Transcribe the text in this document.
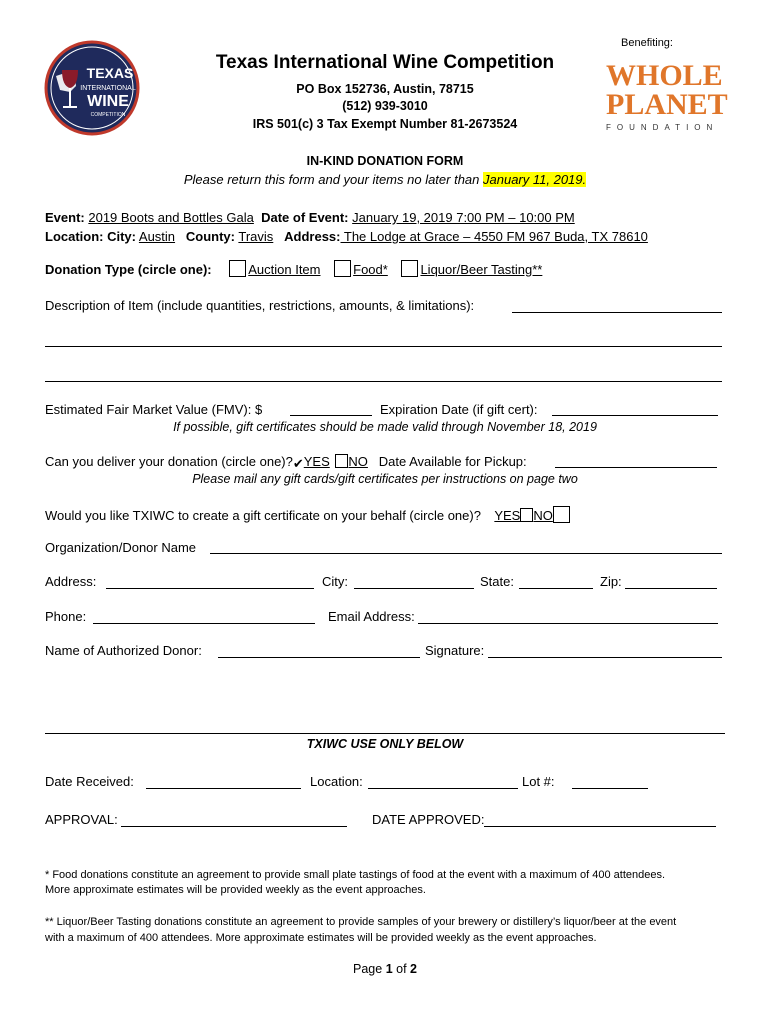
TEXAS
INTERNATIONAL
WINE
COMPETITION
Benefiting:
WHOLE
PLANET
FOUNDATION
Texas International Wine Competition
PO Box 152736, Austin, 78715
(512) 939-3010
IRS 501(c) 3 Tax Exempt Number 81-2673524
IN-KIND DONATION FORM
Please return this form and your items no later than January 11, 2019.
Event: 2019 Boots and Bottles Gala Date of Event: January 19, 2019 7:00 PM – 10:00 PM
Location: City: Austin County: Travis Address: The Lodge at Grace – 4550 FM 967 Buda, TX 78610
Donation Type (circle one):	Auction Item	Food*	Liquor/Beer Tasting**
Description of Item (include quantities, restrictions, amounts, & limitations):
Estimated Fair Market Value (FMV): $	Expiration Date (if gift cert):
If possible, gift certificates should be made valid through November 18, 2019
Can you deliver your donation (circle one)?✔YES NO Date Available for Pickup:
Please mail any gift cards/gift certificates per instructions on page two
Would you like TXIWC to create a gift certificate on your behalf (circle one)? YES NO
Organization/Donor Name
Address:	City:	State:	Zip:
Phone:	Email Address:
Name of Authorized Donor:	Signature:
TXIWC USE ONLY BELOW
Date Received:	Location:	Lot #:
APPROVAL:	DATE APPROVED:
* Food donations constitute an agreement to provide small plate tastings of food at the event with a maximum of 400 attendees.
More approximate estimates will be provided weekly as the event approaches.
** Liquor/Beer Tasting donations constitute an agreement to provide samples of your brewery or distillery’s liquor/beer at the event
with a maximum of 400 attendees. More approximate estimates will be provided weekly as the event approaches.
Page 1 of 2
